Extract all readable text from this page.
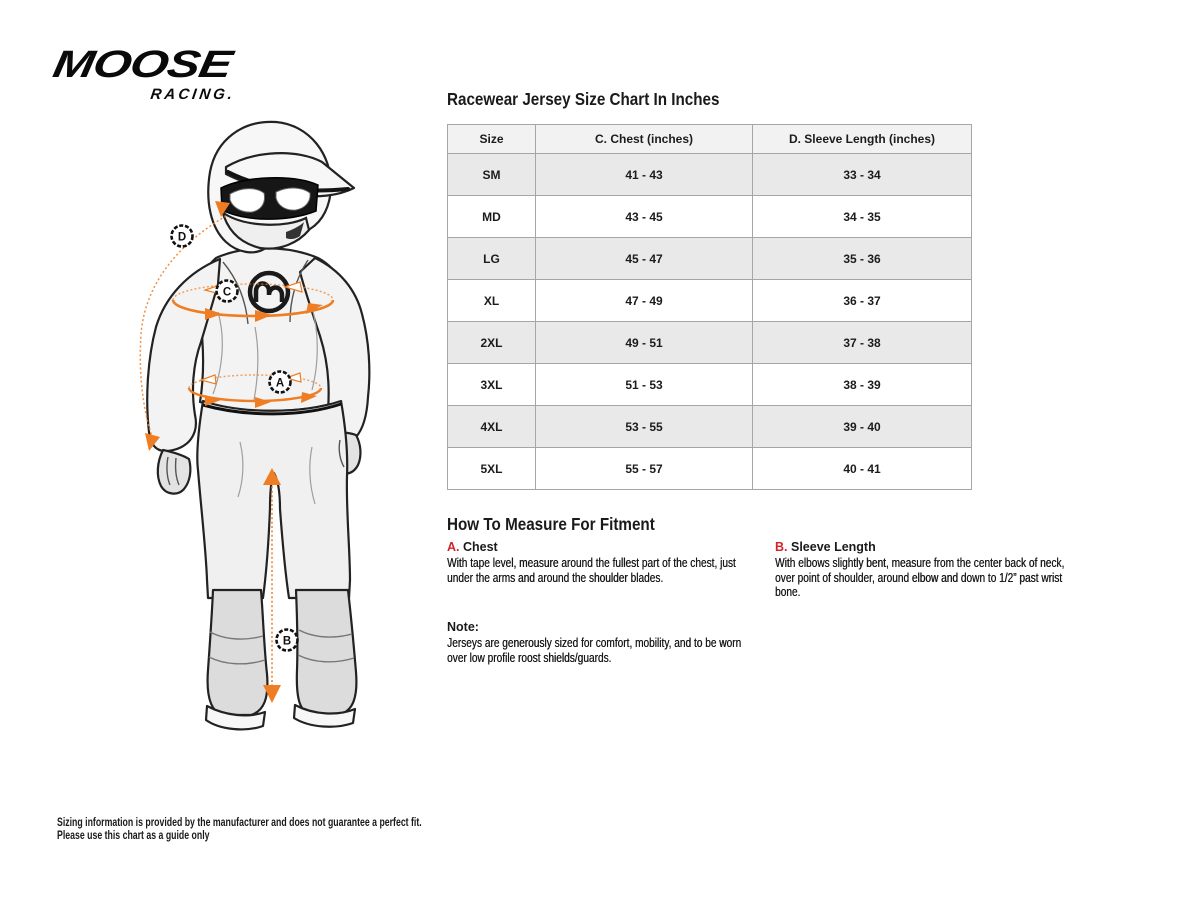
MOOSE
RACING.
D
C
A
B
Racewear Jersey Size Chart In Inches
Size	C. Chest (inches)	D. Sleeve Length (inches)
SM	41 - 43	33 - 34
MD	43 - 45	34 - 35
LG	45 - 47	35 - 36
XL	47 - 49	36 - 37
2XL	49 - 51	37 - 38
3XL	51 - 53	38 - 39
4XL	53 - 55	39 - 40
5XL	55 - 57	40 - 41
How To Measure For Fitment
A. Chest
With tape level, measure around the fullest part of the chest, just under the arms and around the shoulder blades.
B. Sleeve Length
With elbows slightly bent, measure from the center back of neck, over point of shoulder, around elbow and down to 1/2” past wrist bone.
Note:
Jerseys are generously sized for comfort, mobility, and to be worn over low profile roost shields/guards.
Sizing information is provided by the manufacturer and does not guarantee a perfect fit.
Please use this chart as a guide only
